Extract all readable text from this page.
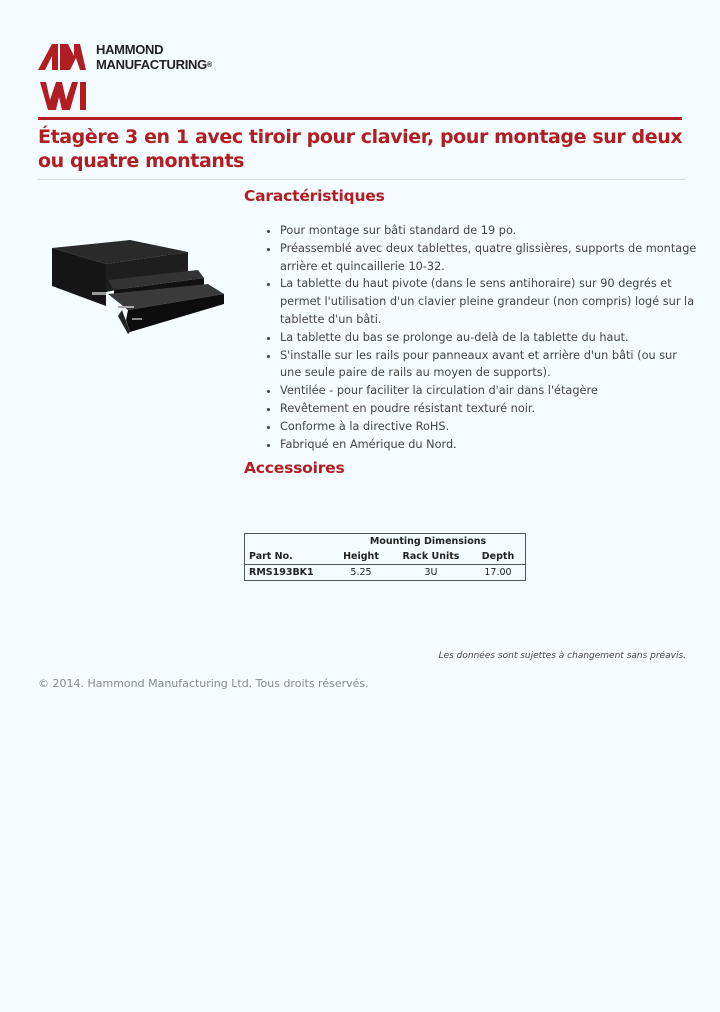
HAMMOND
MANUFACTURING®
Étagère 3 en 1 avec tiroir pour clavier, pour montage sur deux ou quatre montants
Caractéristiques
• Pour montage sur bâti standard de 19 po.
• Préassemblé avec deux tablettes, quatre glissières, supports de montage arrière et quincaillerie 10-32.
• La tablette du haut pivote (dans le sens antihoraire) sur 90 degrés et permet l'utilisation d'un clavier pleine grandeur (non compris) logé sur la tablette d'un bâti.
• La tablette du bas se prolonge au-delà de la tablette du haut.
• S'installe sur les rails pour panneaux avant et arrière d'un bâti (ou sur une seule paire de rails au moyen de supports).
• Ventilée - pour faciliter la circulation d'air dans l'étagère
• Revêtement en poudre résistant texturé noir.
• Conforme à la directive RoHS.
• Fabriqué en Amérique du Nord.
Accessoires
	Mounting Dimensions		
Part No.	Height	Rack Units	Depth
RMS193BK1	5.25	3U	17.00
Les données sont sujettes à changement sans préavis.
© 2014. Hammond Manufacturing Ltd. Tous droits réservés.
